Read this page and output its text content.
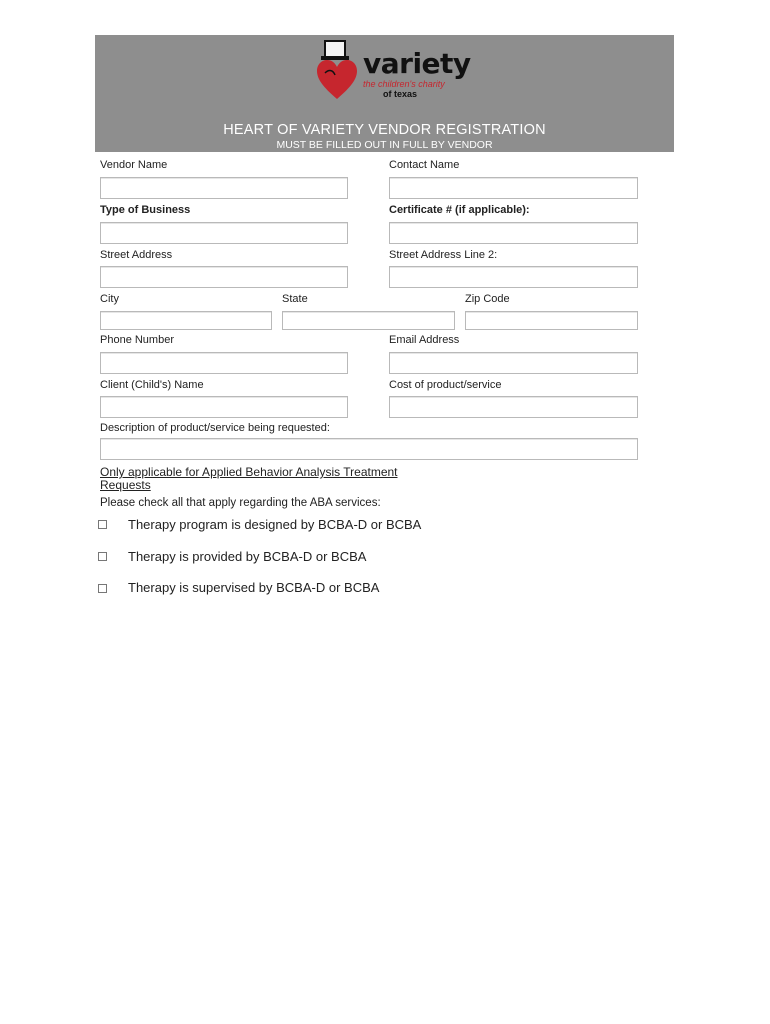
variety
the children's charity
of texas
HEART OF VARIETY VENDOR REGISTRATION
MUST BE FILLED OUT IN FULL BY VENDOR
Vendor Name	Contact Name
Type of Business	Certificate # (if applicable):
Street Address	Street Address Line 2:
City	State	Zip Code
Phone Number	Email Address
Client (Child's) Name	Cost of product/service
Description of product/service being requested:
Only applicable for Applied Behavior Analysis Treatment Requests
Please check all that apply regarding the ABA services:
Therapy program is designed by BCBA-D or BCBA
Therapy is provided by BCBA-D or BCBA
Therapy is supervised by BCBA-D or BCBA
